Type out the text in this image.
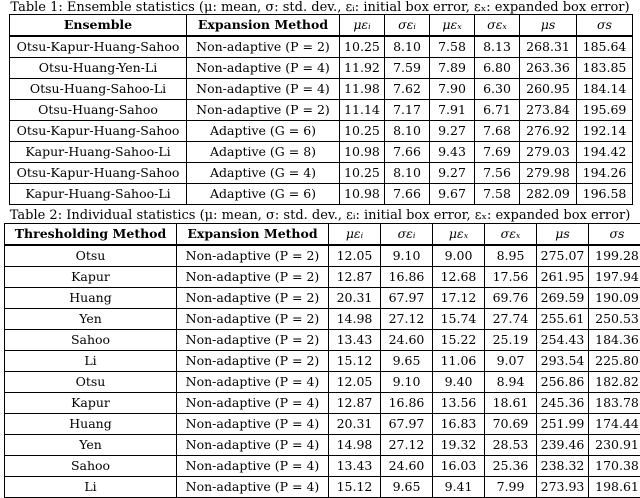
Table 1: Ensemble statistics (μ: mean, σ: std. dev., εᵢ: initial box error, εₓ: expanded box error)
Ensemble	Expansion Method	μεᵢ	σεᵢ	μεₓ	σεₓ	μs	σs
Otsu-Kapur-Huang-Sahoo	Non-adaptive (P = 2)	10.25	8.10	7.58	8.13	268.31	185.64
Otsu-Huang-Yen-Li	Non-adaptive (P = 4)	11.92	7.59	7.89	6.80	263.36	183.85
Otsu-Huang-Sahoo-Li	Non-adaptive (P = 4)	11.98	7.62	7.90	6.30	260.95	184.14
Otsu-Huang-Sahoo	Non-adaptive (P = 2)	11.14	7.17	7.91	6.71	273.84	195.69
Otsu-Kapur-Huang-Sahoo	Adaptive (G = 6)	10.25	8.10	9.27	7.68	276.92	192.14
Kapur-Huang-Sahoo-Li	Adaptive (G = 8)	10.98	7.66	9.43	7.69	279.03	194.42
Otsu-Kapur-Huang-Sahoo	Adaptive (G = 4)	10.25	8.10	9.27	7.56	279.98	194.26
Kapur-Huang-Sahoo-Li	Adaptive (G = 6)	10.98	7.66	9.67	7.58	282.09	196.58
Table 2: Individual statistics (μ: mean, σ: std. dev., εᵢ: initial box error, εₓ: expanded box error)
Thresholding Method	Expansion Method	μεᵢ	σεᵢ	μεₓ	σεₓ	μs	σs
Otsu	Non-adaptive (P = 2)	12.05	9.10	9.00	8.95	275.07	199.28
Kapur	Non-adaptive (P = 2)	12.87	16.86	12.68	17.56	261.95	197.94
Huang	Non-adaptive (P = 2)	20.31	67.97	17.12	69.76	269.59	190.09
Yen	Non-adaptive (P = 2)	14.98	27.12	15.74	27.74	255.61	250.53
Sahoo	Non-adaptive (P = 2)	13.43	24.60	15.22	25.19	254.43	184.36
Li	Non-adaptive (P = 2)	15.12	9.65	11.06	9.07	293.54	225.80
Otsu	Non-adaptive (P = 4)	12.05	9.10	9.40	8.94	256.86	182.82
Kapur	Non-adaptive (P = 4)	12.87	16.86	13.56	18.61	245.36	183.78
Huang	Non-adaptive (P = 4)	20.31	67.97	16.83	70.69	251.99	174.44
Yen	Non-adaptive (P = 4)	14.98	27.12	19.32	28.53	239.46	230.91
Sahoo	Non-adaptive (P = 4)	13.43	24.60	16.03	25.36	238.32	170.38
Li	Non-adaptive (P = 4)	15.12	9.65	9.41	7.99	273.93	198.61
